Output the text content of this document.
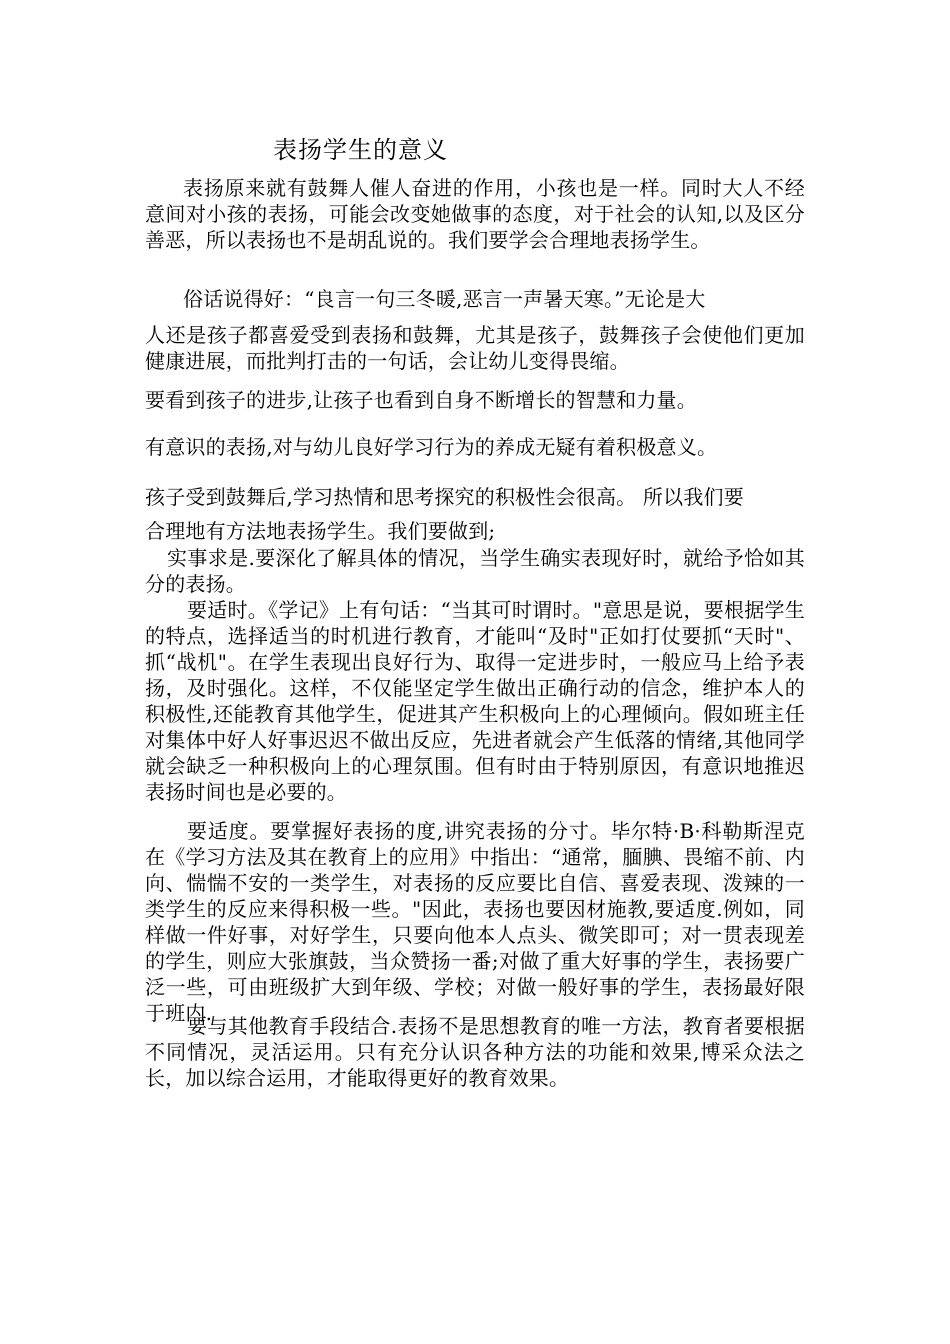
表扬学生的意义

表扬原来就有鼓舞人催人奋进的作用，小孩也是一样。同时大人不经意间对小孩的表扬，可能会改变她做事的态度，对于社会的认知,以及区分善恶，所以表扬也不是胡乱说的。我们要学会合理地表扬学生。

俗话说得好：“良言一句三冬暖,恶言一声暑天寒。”无论是大

人还是孩子都喜爱受到表扬和鼓舞，尤其是孩子，鼓舞孩子会使他们更加健康进展，而批判打击的一句话，会让幼儿变得畏缩。

要看到孩子的进步,让孩子也看到自身不断增长的智慧和力量。

有意识的表扬,对与幼儿良好学习行为的养成无疑有着积极意义。

孩子受到鼓舞后,学习热情和思考探究的积极性会很高。 所以我们要

合理地有方法地表扬学生。我们要做到;

实事求是.要深化了解具体的情况，当学生确实表现好时，就给予恰如其分的表扬。

要适时。《学记》上有句话：“当其可时谓时。"意思是说，要根据学生的特点，选择适当的时机进行教育，才能叫“及时"正如打仗要抓“天时"、抓“战机"。在学生表现出良好行为、取得一定进步时，一般应马上给予表扬，及时强化。这样，不仅能坚定学生做出正确行动的信念，维护本人的积极性,还能教育其他学生，促进其产生积极向上的心理倾向。假如班主任对集体中好人好事迟迟不做出反应，先进者就会产生低落的情绪,其他同学就会缺乏一种积极向上的心理氛围。但有时由于特别原因，有意识地推迟表扬时间也是必要的。

要适度。要掌握好表扬的度,讲究表扬的分寸。毕尔特·B·科勒斯涅克在《学习方法及其在教育上的应用》中指出：“通常，腼腆、畏缩不前、内向、惴惴不安的一类学生，对表扬的反应要比自信、喜爱表现、泼辣的一类学生的反应来得积极一些。"因此，表扬也要因材施教,要适度.例如，同样做一件好事，对好学生，只要向他本人点头、微笑即可；对一贯表现差的学生，则应大张旗鼓，当众赞扬一番;对做了重大好事的学生，表扬要广泛一些，可由班级扩大到年级、学校；对做一般好事的学生，表扬最好限于班内.

要与其他教育手段结合.表扬不是思想教育的唯一方法，教育者要根据不同情况，灵活运用。只有充分认识各种方法的功能和效果,博采众法之长，加以综合运用，才能取得更好的教育效果。
